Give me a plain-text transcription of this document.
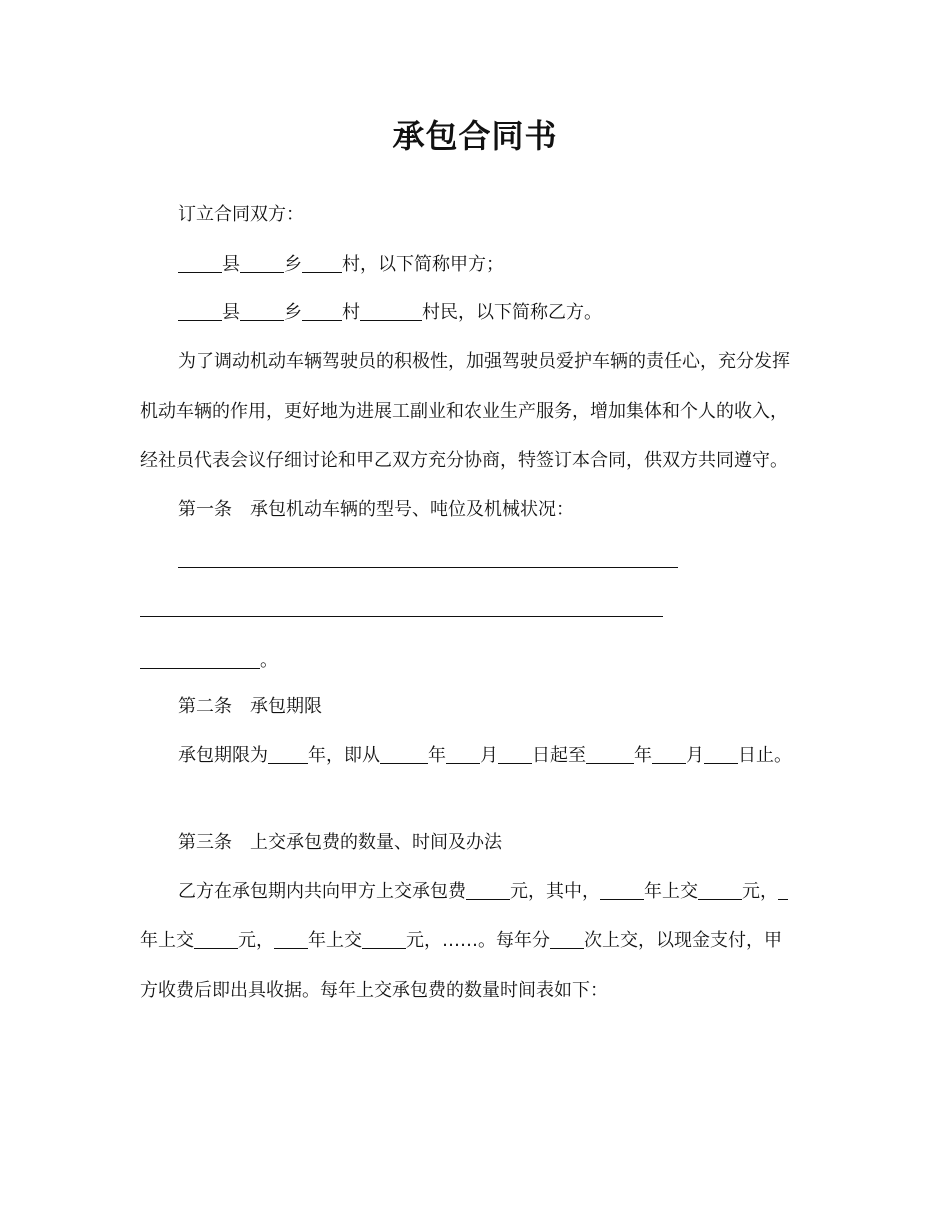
承包合同书
订立合同双方：
县 乡 村，以下简称甲方；
县 乡 村	村民，以下简称乙方。
为了调动机动车辆驾驶员的积极性，加强驾驶员爱护车辆的责任心，充分发挥
机动车辆的作用，更好地为进展工副业和农业生产服务，增加集体和个人的收入，
经社员代表会议仔细讨论和甲乙双方充分协商，特签订本合同，供双方共同遵守。
第一条 承包机动车辆的型号、吨位及机械状况：
。
第二条 承包期限
承包期限为 年，即从	年 月 日起至	年 月 日止。
第三条 上交承包费的数量、时间及办法
乙方在承包期内共向甲方上交承包费 元，其中， 年上交 元，
年上交 元， 年上交 元，……。每年分 次上交，以现金支付，甲
方收费后即出具收据。每年上交承包费的数量时间表如下：
